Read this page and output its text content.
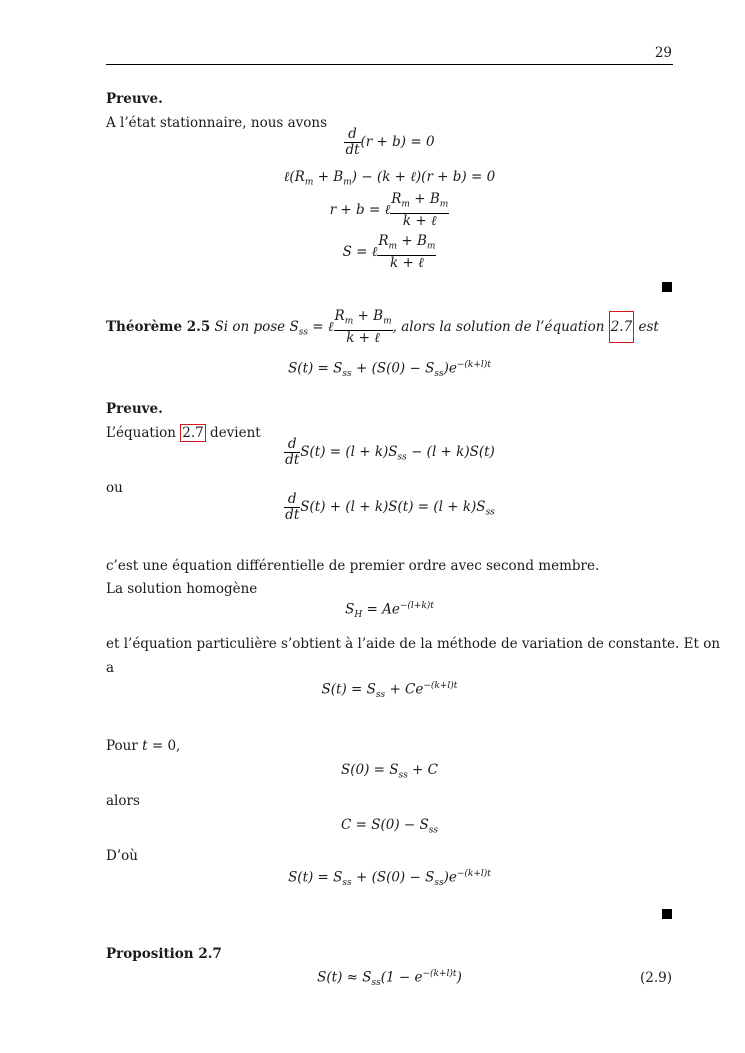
29
Preuve.
A l’état stationnaire, nous avons
$\frac{d}{dt} (r + b) = 0$
$\ell(R_m + B_m) - (k$ + ℓ)(r + b) = 0
r + b = ℓ $\frac{R_m + B_m}{\text{k + ℓ}}$
S = ℓ $\frac{R_m + B_m}{\text{k + ℓ}}$
Théorème 2.5 Si on pose $S_{ss}$ = ℓ $\frac{R_m + B_m}{\text{k + ℓ}}$ , alors la solution de l’équation 2.7 est
$S(t) = S_{ss} + (S(0) - S_{ss})e^{-(k+l)t}$
Preuve.
L’équation 2.7 devient
$\frac{d}{dt} S(t) = (l + k)S_{ss} - (l + k)S(t)$
ou
$\frac{d}{dt} S(t) + (l + k)S(t) = (l + k)S_{ss}$
c’est une équation différentielle de premier ordre avec second membre.
La solution homogène
$S_H = Ae^{-(l+k)t}$
et l’équation particulière s’obtient à l’aide de la méthode de variation de constante. Et on
a
$S(t) = S_{ss} + Ce^{-(k+l)t}$
Pour t = 0,
$S(0) = S_{ss} + C$
alors
$C = S(0) - S_{ss}$
D’où
$S(t) = S_{ss} + (S(0) - S_{ss})e^{-(k+l)t}$
Proposition 2.7
$S(t) \approx S_{ss}(1 - e^{-(k+l)t})$	(2.9)
